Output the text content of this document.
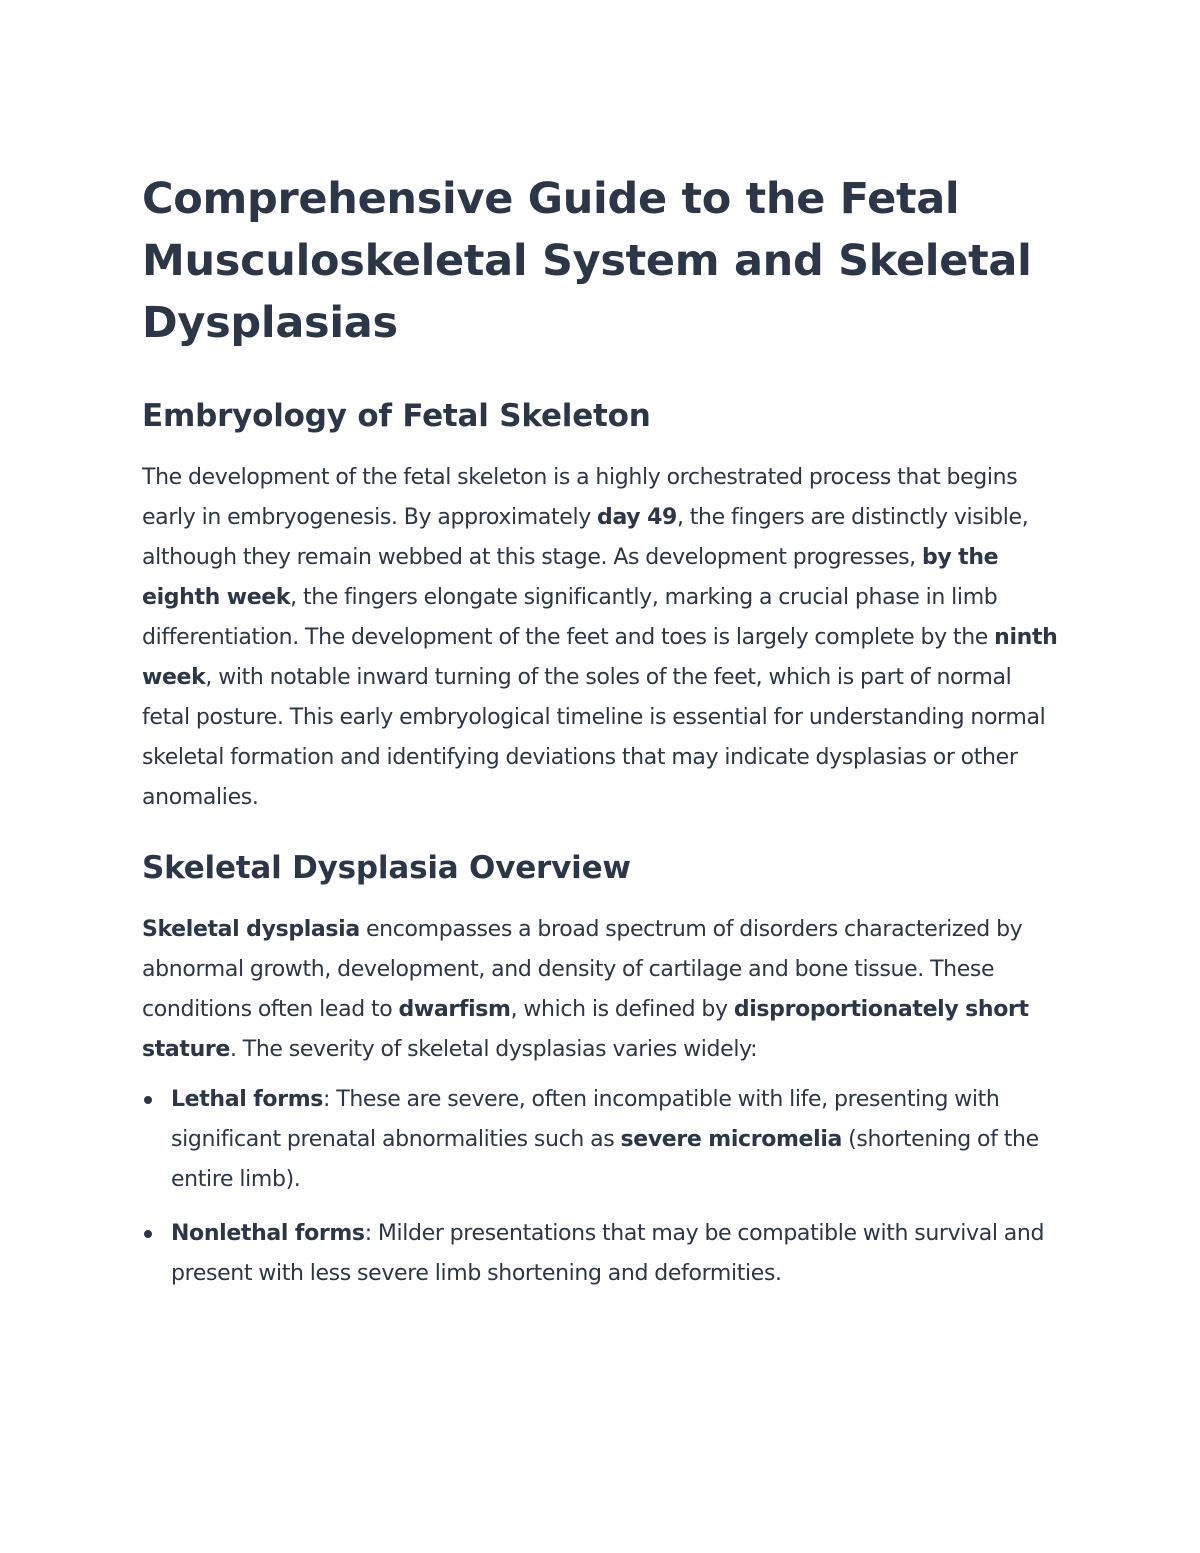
Comprehensive Guide to the Fetal Musculoskeletal System and Skeletal Dysplasias
Embryology of Fetal Skeleton

The development of the fetal skeleton is a highly orchestrated process that begins early in embryogenesis. By approximately day 49, the fingers are distinctly visible, although they remain webbed at this stage. As development progresses, by the eighth week, the fingers elongate significantly, marking a crucial phase in limb differentiation. The development of the feet and toes is largely complete by the ninth week, with notable inward turning of the soles of the feet, which is part of normal fetal posture. This early embryological timeline is essential for understanding normal skeletal formation and identifying deviations that may indicate dysplasias or other anomalies.

Skeletal Dysplasia Overview

Skeletal dysplasia encompasses a broad spectrum of disorders characterized by abnormal growth, development, and density of cartilage and bone tissue. These conditions often lead to dwarfism, which is defined by disproportionately short stature. The severity of skeletal dysplasias varies widely:

Lethal forms: These are severe, often incompatible with life, presenting with significant prenatal abnormalities such as severe micromelia (shortening of the entire limb).
Nonlethal forms: Milder presentations that may be compatible with survival and present with less severe limb shortening and deformities.
